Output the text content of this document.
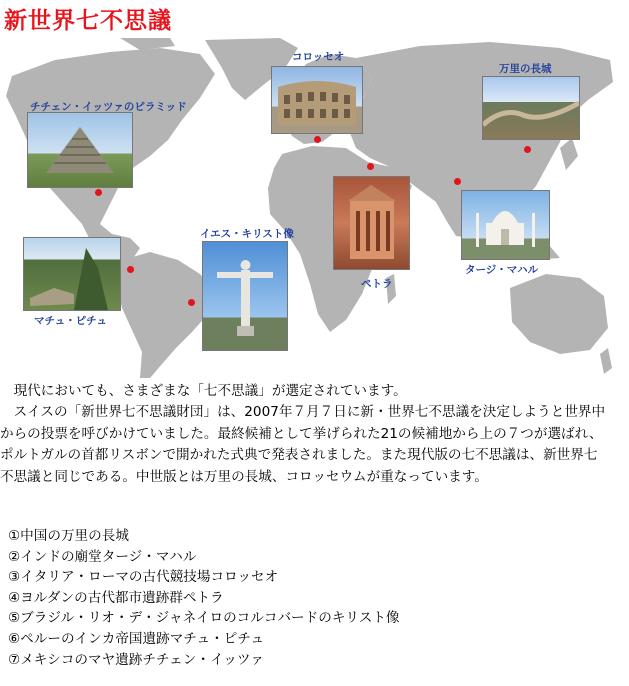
新世界七不思議
チチェン・イッツァのピラミッド
コロッセオ
万里の長城
イエス・キリスト像
ペトラ
タージ・マハル
マチュ・ピチュ

　現代においても、さまざまな「七不思議」が選定されています。

　スイスの「新世界七不思議財団」は、2007年７月７日に新・世界七不思議を決定しようと世界中からの投票を呼びかけていました。最終候補として挙げられた21の候補地から上の７つが選ばれ、ポルトガルの首都リスボンで開かれた式典で発表されました。また現代版の七不思議は、新世界七不思議と同じである。中世版とは万里の長城、コロッセウムが重なっています。

①中国の万里の長城
②インドの廟堂タージ・マハル
③イタリア・ローマの古代競技場コロッセオ
④ヨルダンの古代都市遺跡群ペトラ
⑤ブラジル・リオ・デ・ジャネイロのコルコバードのキリスト像
⑥ペルーのインカ帝国遺跡マチュ・ピチュ
⑦メキシコのマヤ遺跡チチェン・イッツァ
